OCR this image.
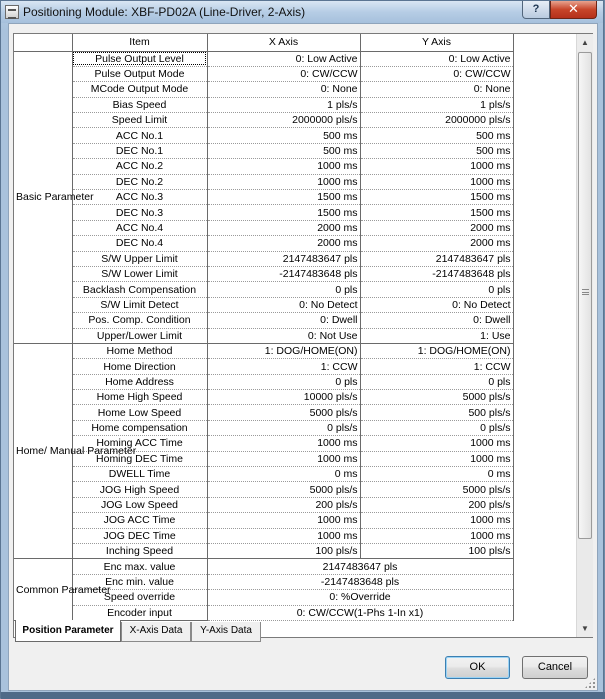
Positioning Module: XBF-PD02A (Line-Driver, 2-Axis)	?	✕
	Item	X Axis	Y Axis
Basic Parameter	Pulse Output Level	0: Low Active	0: Low Active
	Pulse Output Mode	0: CW/CCW	0: CW/CCW
	MCode Output Mode	0: None	0: None
	Bias Speed	1 pls/s	1 pls/s
	Speed Limit	2000000 pls/s	2000000 pls/s
	ACC No.1	500 ms	500 ms
	DEC No.1	500 ms	500 ms
	ACC No.2	1000 ms	1000 ms
	DEC No.2	1000 ms	1000 ms
	ACC No.3	1500 ms	1500 ms
	DEC No.3	1500 ms	1500 ms
	ACC No.4	2000 ms	2000 ms
	DEC No.4	2000 ms	2000 ms
	S/W Upper Limit	2147483647 pls	2147483647 pls
	S/W Lower Limit	-2147483648 pls	-2147483648 pls
	Backlash Compensation	0 pls	0 pls
	S/W Limit Detect	0: No Detect	0: No Detect
	Pos. Comp. Condition	0: Dwell	0: Dwell
	Upper/Lower Limit	0: Not Use	1: Use
Home/ Manual Parameter	Home Method	1: DOG/HOME(ON)	1: DOG/HOME(ON)
	Home Direction	1: CCW	1: CCW
	Home Address	0 pls	0 pls
	Home High Speed	10000 pls/s	5000 pls/s
	Home Low Speed	5000 pls/s	500 pls/s
	Home compensation	0 pls/s	0 pls/s
	Homing ACC Time	1000 ms	1000 ms
	Homing DEC Time	1000 ms	1000 ms
	DWELL Time	0 ms	0 ms
	JOG High Speed	5000 pls/s	5000 pls/s
	JOG Low Speed	200 pls/s	200 pls/s
	JOG ACC Time	1000 ms	1000 ms
	JOG DEC Time	1000 ms	1000 ms
	Inching Speed	100 pls/s	100 pls/s
Common Parameter	Enc max. value	2147483647 pls	
	Enc min. value	-2147483648 pls	
	Speed override	0: %Override	
	Encoder input	0: CW/CCW(1-Phs 1-In x1)	
▲
▼
Position Parameter	X-Axis Data	Y-Axis Data
OK	Cancel
